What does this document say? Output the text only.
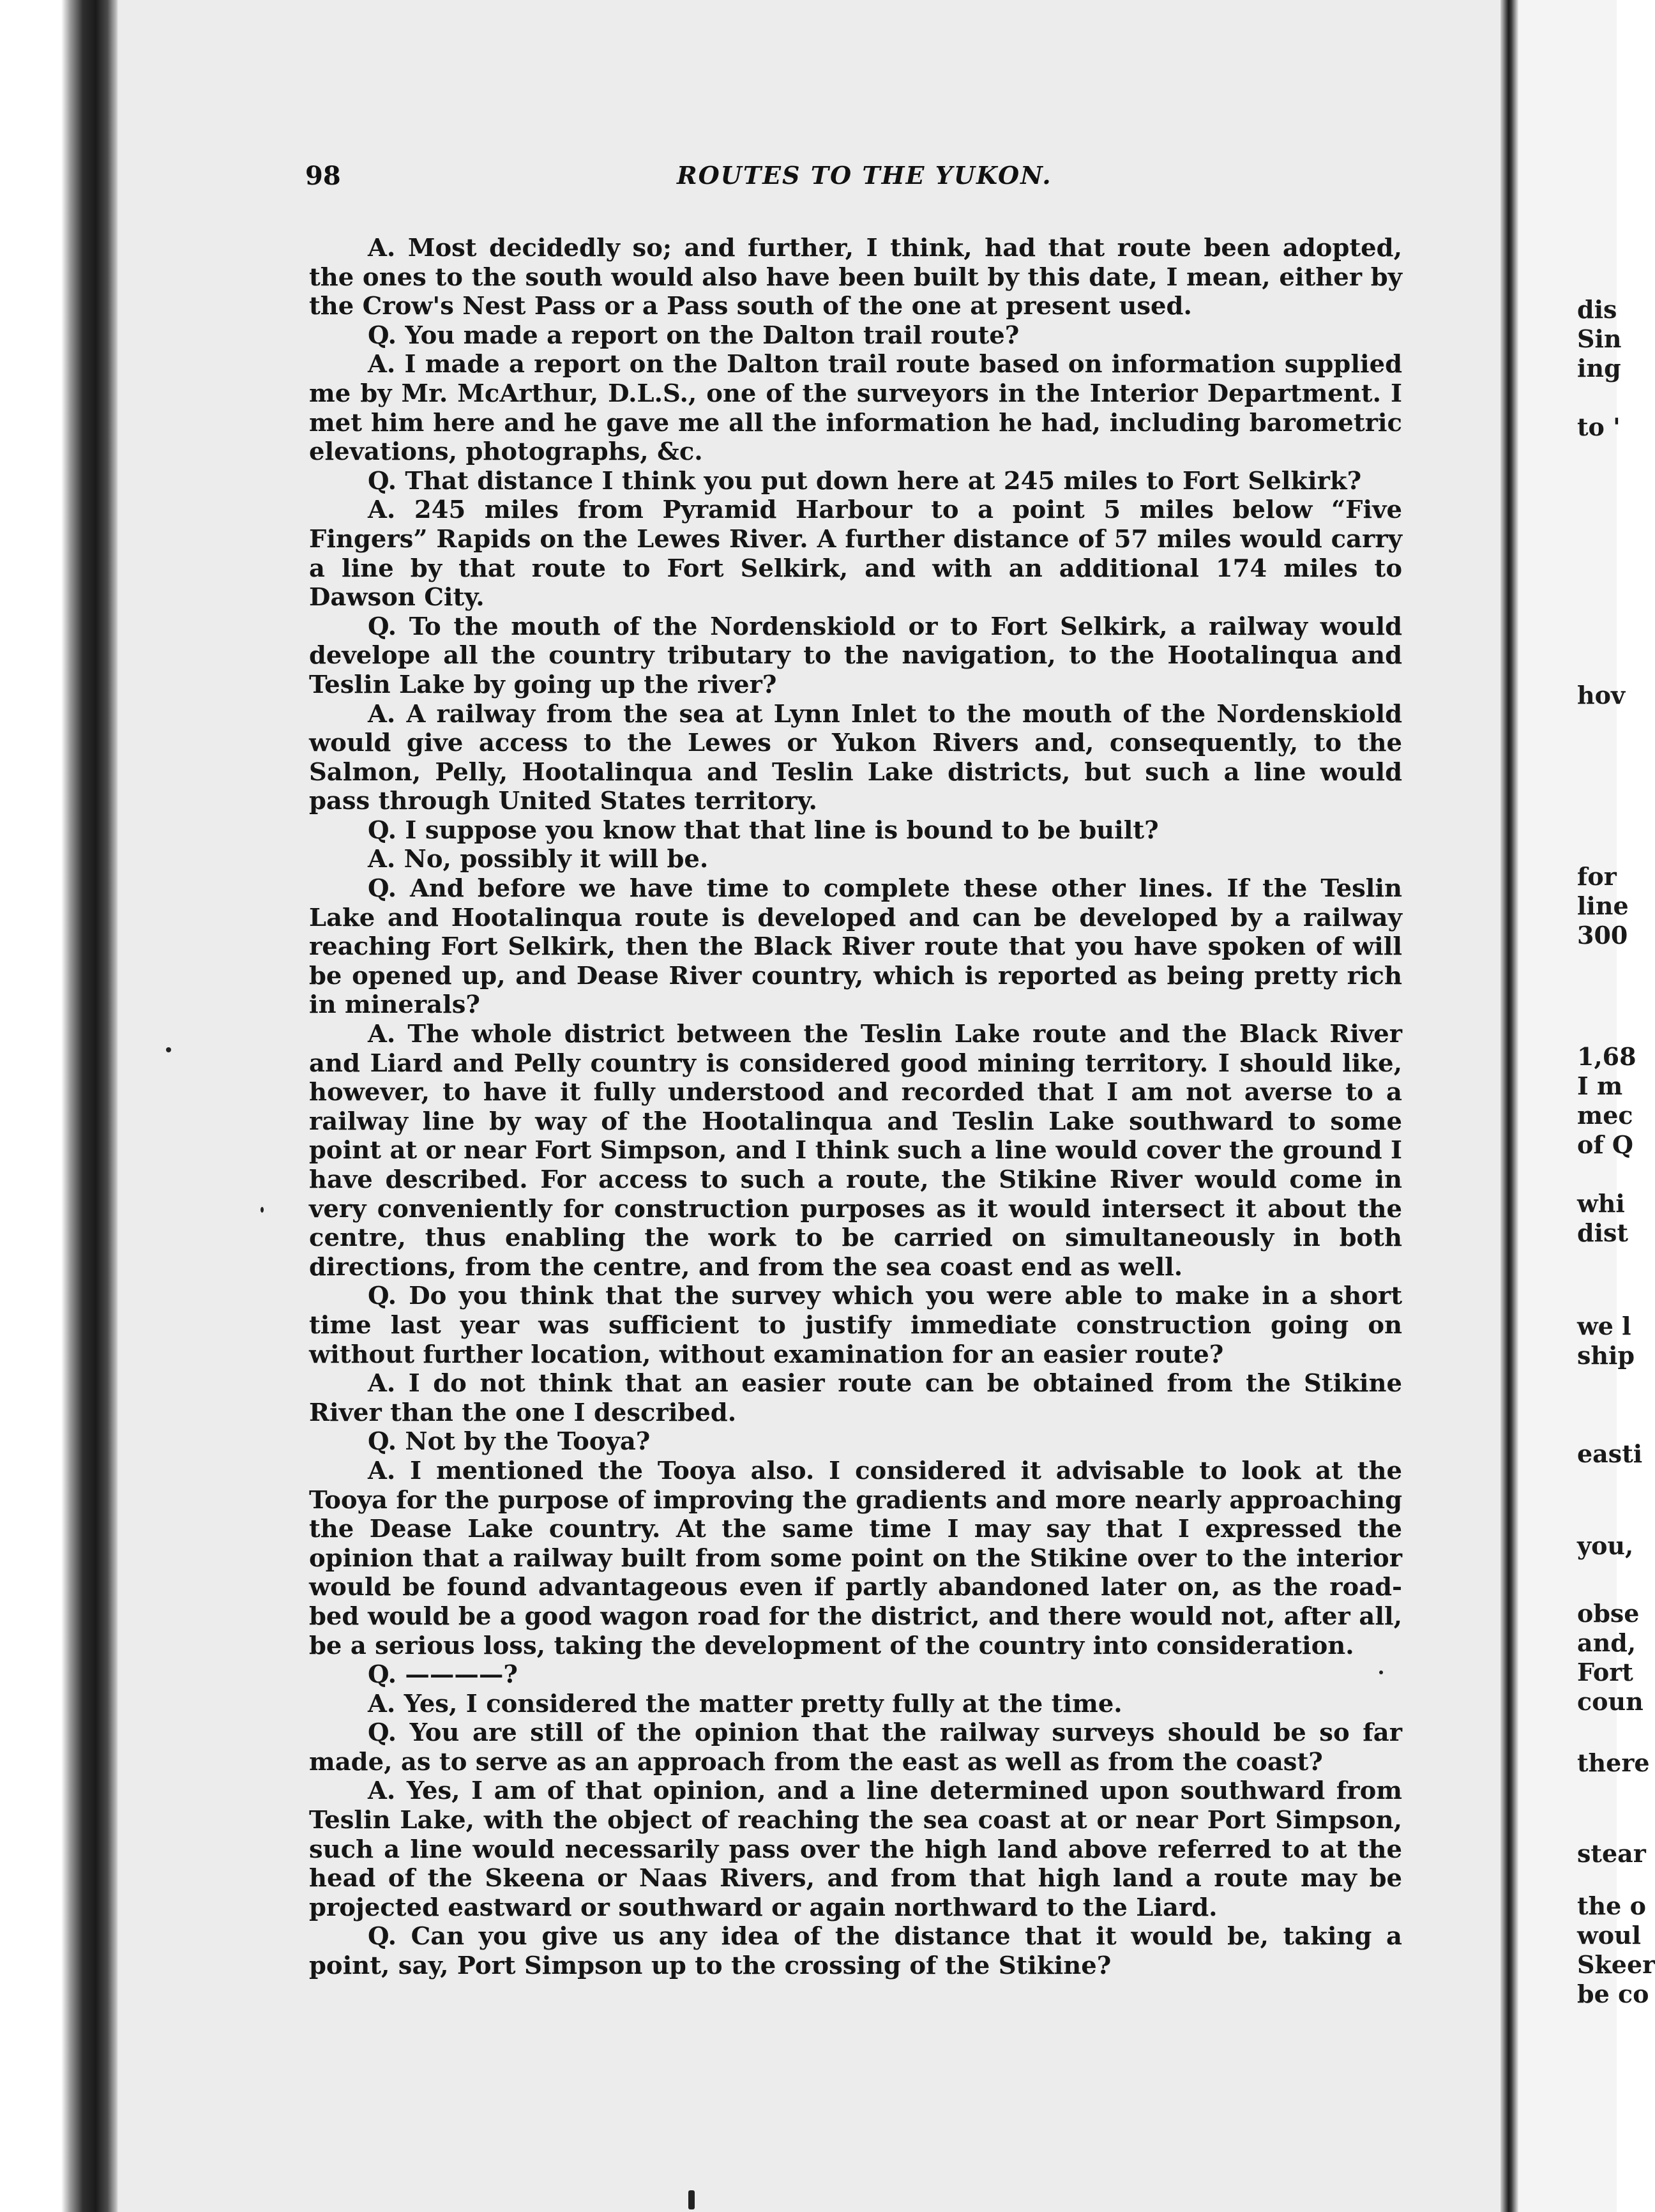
98	ROUTES TO THE YUKON.

A. Most decidedly so; and further, I think, had that route been adopted, the ones to the south would also have been built by this date, I mean, either by the Crow's Nest Pass or a Pass south of the one at present used.

Q. You made a report on the Dalton trail route?

A. I made a report on the Dalton trail route based on information supplied me by Mr. McArthur, D.L.S., one of the surveyors in the Interior Department. I met him here and he gave me all the information he had, including barometric elevations, photographs, &c.

Q. That distance I think you put down here at 245 miles to Fort Selkirk?

A. 245 miles from Pyramid Harbour to a point 5 miles below “Five Fingers” Rapids on the Lewes River. A further distance of 57 miles would carry a line by that route to Fort Selkirk, and with an additional 174 miles to Dawson City.

Q. To the mouth of the Nordenskiold or to Fort Selkirk, a railway would develope all the country tributary to the navigation, to the Hootalinqua and Teslin Lake by going up the river?

A. A railway from the sea at Lynn Inlet to the mouth of the Nordenskiold would give access to the Lewes or Yukon Rivers and, consequently, to the Salmon, Pelly, Hootalinqua and Teslin Lake districts, but such a line would pass through United States territory.

Q. I suppose you know that that line is bound to be built?

A. No, possibly it will be.

Q. And before we have time to complete these other lines. If the Teslin Lake and Hootalinqua route is developed and can be developed by a railway reaching Fort Selkirk, then the Black River route that you have spoken of will be opened up, and Dease River country, which is reported as being pretty rich in minerals?

A. The whole district between the Teslin Lake route and the Black River and Liard and Pelly country is considered good mining territory. I should like, however, to have it fully understood and recorded that I am not averse to a railway line by way of the Hootalinqua and Teslin Lake southward to some point at or near Fort Simpson, and I think such a line would cover the ground I have described. For access to such a route, the Stikine River would come in very conveniently for construction purposes as it would intersect it about the centre, thus enabling the work to be carried on simultaneously in both directions, from the centre, and from the sea coast end as well.

Q. Do you think that the survey which you were able to make in a short time last year was sufficient to justify immediate construction going on without further location, without examination for an easier route?

A. I do not think that an easier route can be obtained from the Stikine River than the one I described.

Q. Not by the Tooya?

A. I mentioned the Tooya also. I considered it advisable to look at the Tooya for the purpose of improving the gradients and more nearly approaching the Dease Lake country. At the same time I may say that I expressed the opinion that a railway built from some point on the Stikine over to the interior would be found advantageous even if partly abandoned later on, as the road-bed would be a good wagon road for the district, and there would not, after all, be a serious loss, taking the development of the country into consideration.

Q. ————?

A. Yes, I considered the matter pretty fully at the time.

Q. You are still of the opinion that the railway surveys should be so far made, as to serve as an approach from the east as well as from the coast?

A. Yes, I am of that opinion, and a line determined upon southward from Teslin Lake, with the object of reaching the sea coast at or near Port Simpson, such a line would necessarily pass over the high land above referred to at the head of the Skeena or Naas Rivers, and from that high land a route may be projected eastward or southward or again northward to the Liard.

Q. Can you give us any idea of the distance that it would be, taking a point, say, Port Simpson up to the crossing of the Stikine?

dis
Sin
ing
to '
hov
for
line
300
1,68
I m
mec
of Q
whi
dist
we l
ship
easti
you,
obse
and,
Fort
coun
there
stear
the o
woul
Skeer
be co
